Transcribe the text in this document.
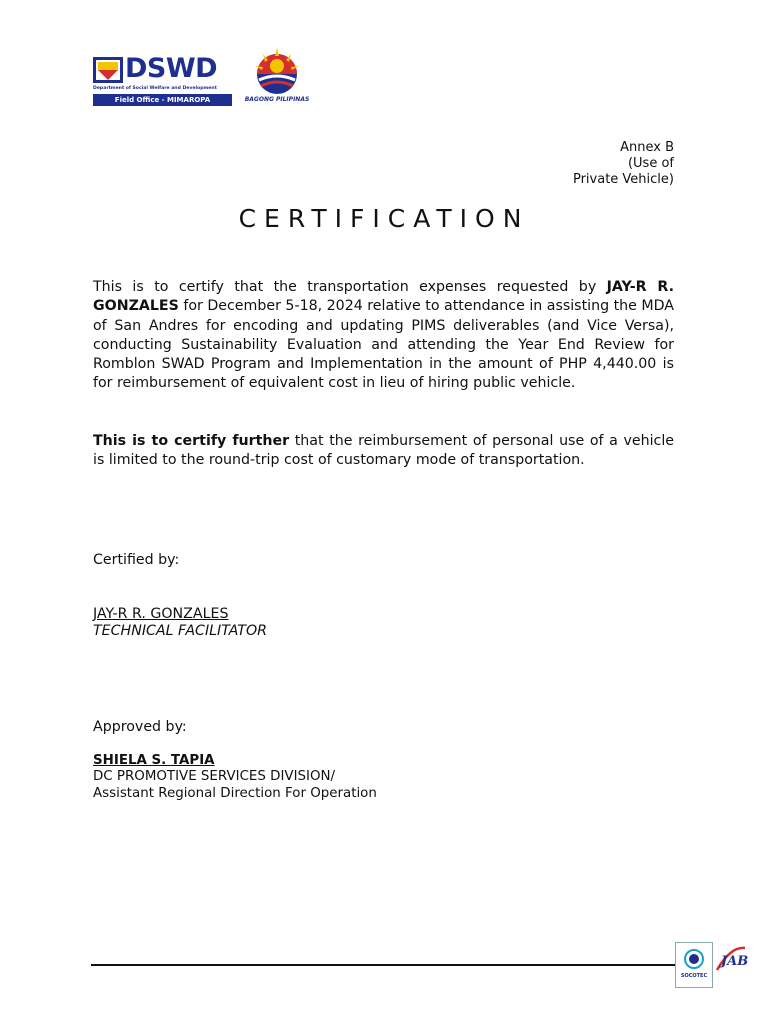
DSWD
Department of Social Welfare and Development
Field Office - MIMAROPA	BAGONG PILIPINAS
Annex B
(Use of
Private Vehicle)
CERTIFICATION
This is to certify that the transportation expenses requested by JAY-R R. GONZALES for December 5-18, 2024 relative to attendance in assisting the MDA of San Andres for encoding and updating PIMS deliverables (and Vice Versa), conducting Sustainability Evaluation and attending the Year End Review for Romblon SWAD Program and Implementation in the amount of PHP 4,440.00 is for reimbursement of equivalent cost in lieu of hiring public vehicle.
This is to certify further that the reimbursement of personal use of a vehicle is limited to the round-trip cost of customary mode of transportation.
Certified by:
JAY-R R. GONZALES
TECHNICAL FACILITATOR
Approved by:
SHIELA S. TAPIA
DC PROMOTIVE SERVICES DIVISION/
Assistant Regional Direction For Operation
SOCOTEC
JAB
